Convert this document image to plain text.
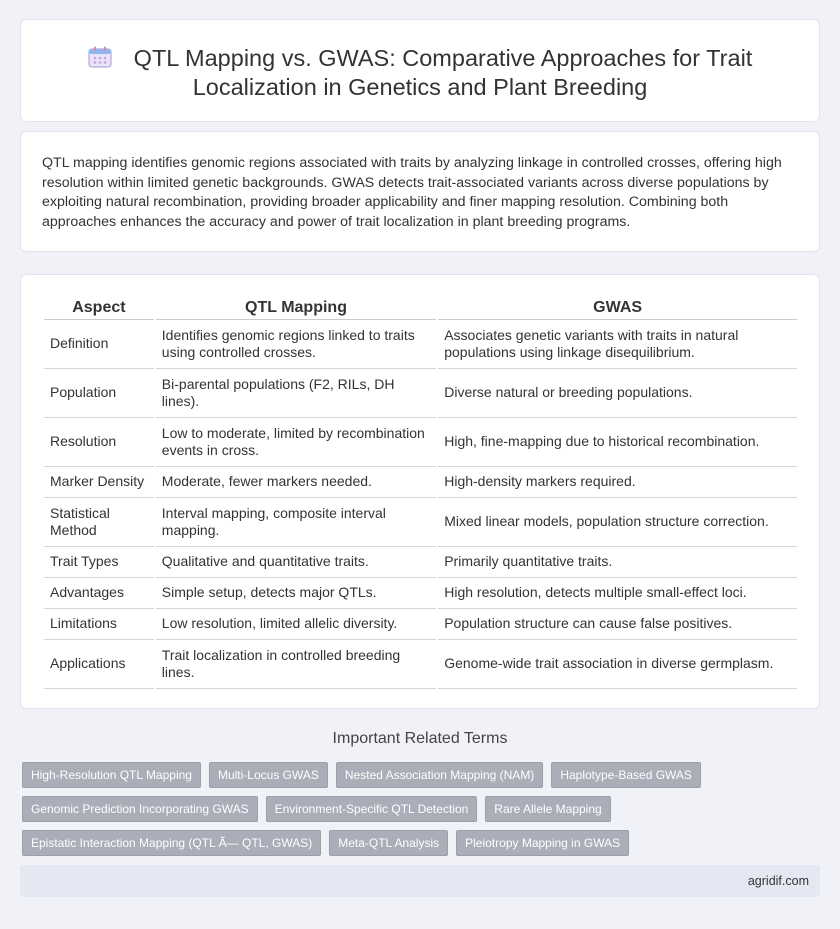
QTL Mapping vs. GWAS: Comparative Approaches for Trait
Localization in Genetics and Plant Breeding

QTL mapping identifies genomic regions associated with traits by analyzing linkage in controlled crosses, offering high resolution within limited genetic backgrounds. GWAS detects trait-associated variants across diverse populations by exploiting natural recombination, providing broader applicability and finer mapping resolution. Combining both approaches enhances the accuracy and power of trait localization in plant breeding programs.

Aspect	QTL Mapping	GWAS
Definition	Identifies genomic regions linked to traits using controlled crosses.	Associates genetic variants with traits in natural populations using linkage disequilibrium.
Population	Bi-parental populations (F2, RILs, DH lines).	Diverse natural or breeding populations.
Resolution	Low to moderate, limited by recombination events in cross.	High, fine-mapping due to historical recombination.
Marker Density	Moderate, fewer markers needed.	High-density markers required.
Statistical Method	Interval mapping, composite interval mapping.	Mixed linear models, population structure correction.
Trait Types	Qualitative and quantitative traits.	Primarily quantitative traits.
Advantages	Simple setup, detects major QTLs.	High resolution, detects multiple small-effect loci.
Limitations	Low resolution, limited allelic diversity.	Population structure can cause false positives.
Applications	Trait localization in controlled breeding lines.	Genome-wide trait association in diverse germplasm.
Important Related Terms
High-Resolution QTL Mapping	Multi-Locus GWAS	Nested Association Mapping (NAM)	Haplotype-Based GWAS
Genomic Prediction Incorporating GWAS	Environment-Specific QTL Detection	Rare Allele Mapping
Epistatic Interaction Mapping (QTL Ã— QTL, GWAS)	Meta-QTL Analysis	Pleiotropy Mapping in GWAS
agridif.com
